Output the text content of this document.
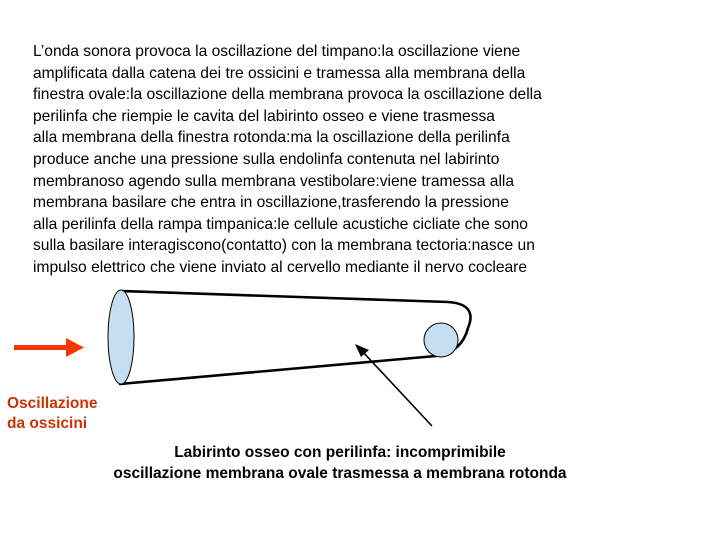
L’onda sonora provoca la oscillazione del timpano:la oscillazione viene
amplificata dalla catena dei tre ossicini e tramessa alla membrana della
finestra ovale:la oscillazione della membrana provoca la oscillazione della
perilinfa che riempie le cavita del labirinto osseo e viene trasmessa
alla membrana della finestra rotonda:ma la oscillazione della perilinfa
produce anche una pressione sulla endolinfa contenuta nel labirinto
membranoso agendo sulla membrana vestibolare:viene tramessa alla
membrana basilare che entra in oscillazione,trasferendo la pressione
alla perilinfa della rampa timpanica:le cellule acustiche cicliate che sono
sulla basilare interagiscono(contatto) con la membrana tectoria:nasce un
impulso elettrico che viene inviato al cervello mediante il nervo cocleare
Oscillazione
da ossicini
Labirinto osseo con perilinfa: incomprimibile
oscillazione membrana ovale trasmessa a membrana rotonda
